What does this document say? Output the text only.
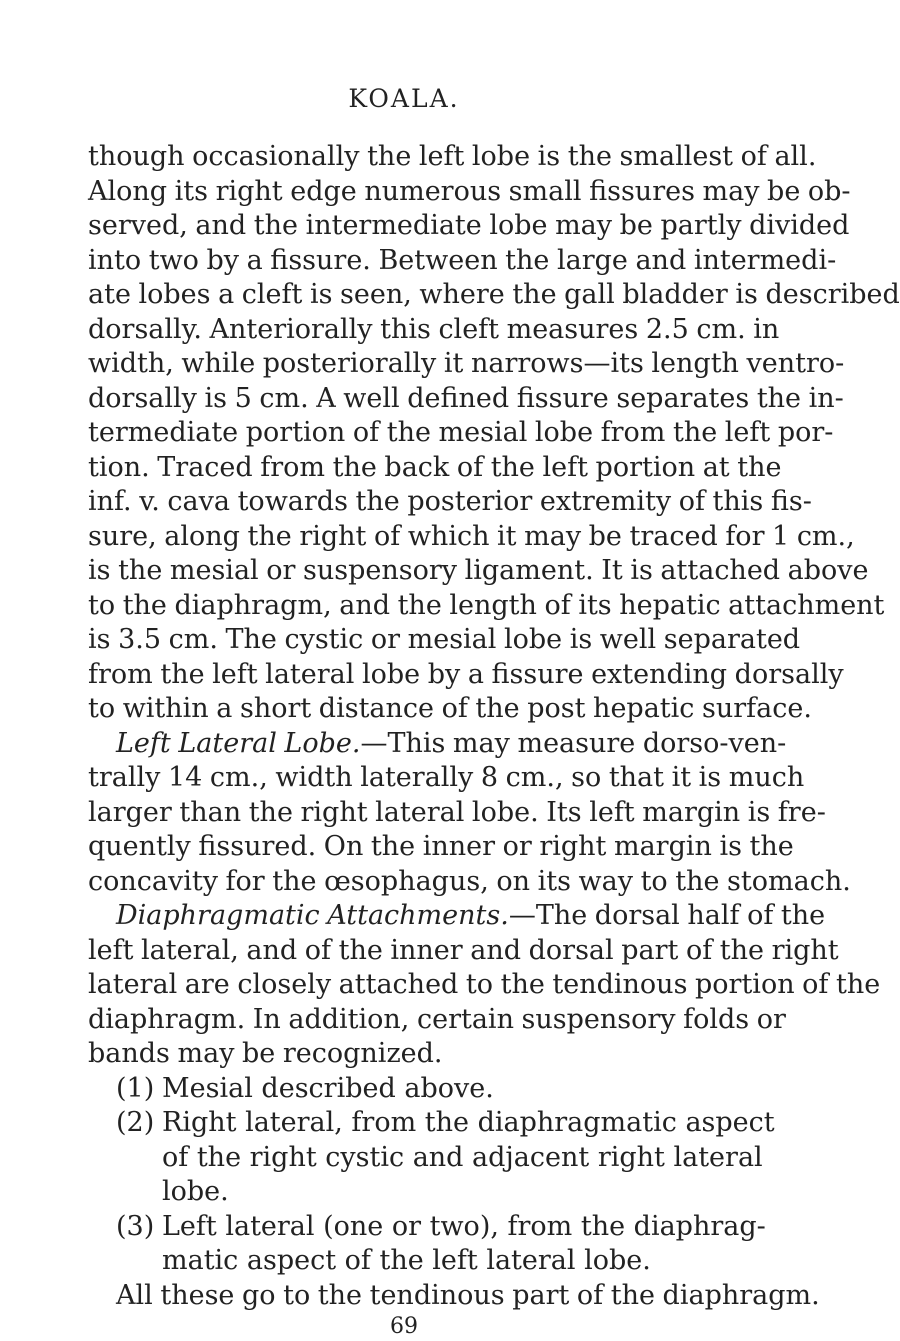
KOALA.

though occasionally the left lobe is the smallest of all.
Along its right edge numerous small fissures may be ob-
served, and the intermediate lobe may be partly divided
into two by a fissure. Between the large and intermedi-
ate lobes a cleft is seen, where the gall bladder is described
dorsally. Anteriorally this cleft measures 2.5 cm. in
width, while posteriorally it narrows—its length ventro-
dorsally is 5 cm. A well defined fissure separates the in-
termediate portion of the mesial lobe from the left por-
tion. Traced from the back of the left portion at the
inf. v. cava towards the posterior extremity of this fis-
sure, along the right of which it may be traced for 1 cm.,
is the mesial or suspensory ligament. It is attached above
to the diaphragm, and the length of its hepatic attachment
is 3.5 cm. The cystic or mesial lobe is well separated
from the left lateral lobe by a fissure extending dorsally
to within a short distance of the post hepatic surface.

Left Lateral Lobe.—This may measure dorso-ven-
trally 14 cm., width laterally 8 cm., so that it is much
larger than the right lateral lobe. Its left margin is fre-
quently fissured. On the inner or right margin is the
concavity for the œsophagus, on its way to the stomach.

Diaphragmatic Attachments.—The dorsal half of the
left lateral, and of the inner and dorsal part of the right
lateral are closely attached to the tendinous portion of the
diaphragm. In addition, certain suspensory folds or
bands may be recognized.

(1) Mesial described above.
(2) Right lateral, from the diaphragmatic aspect
of the right cystic and adjacent right lateral
lobe.
(3) Left lateral (one or two), from the diaphrag-
matic aspect of the left lateral lobe.

All these go to the tendinous part of the diaphragm.

69
